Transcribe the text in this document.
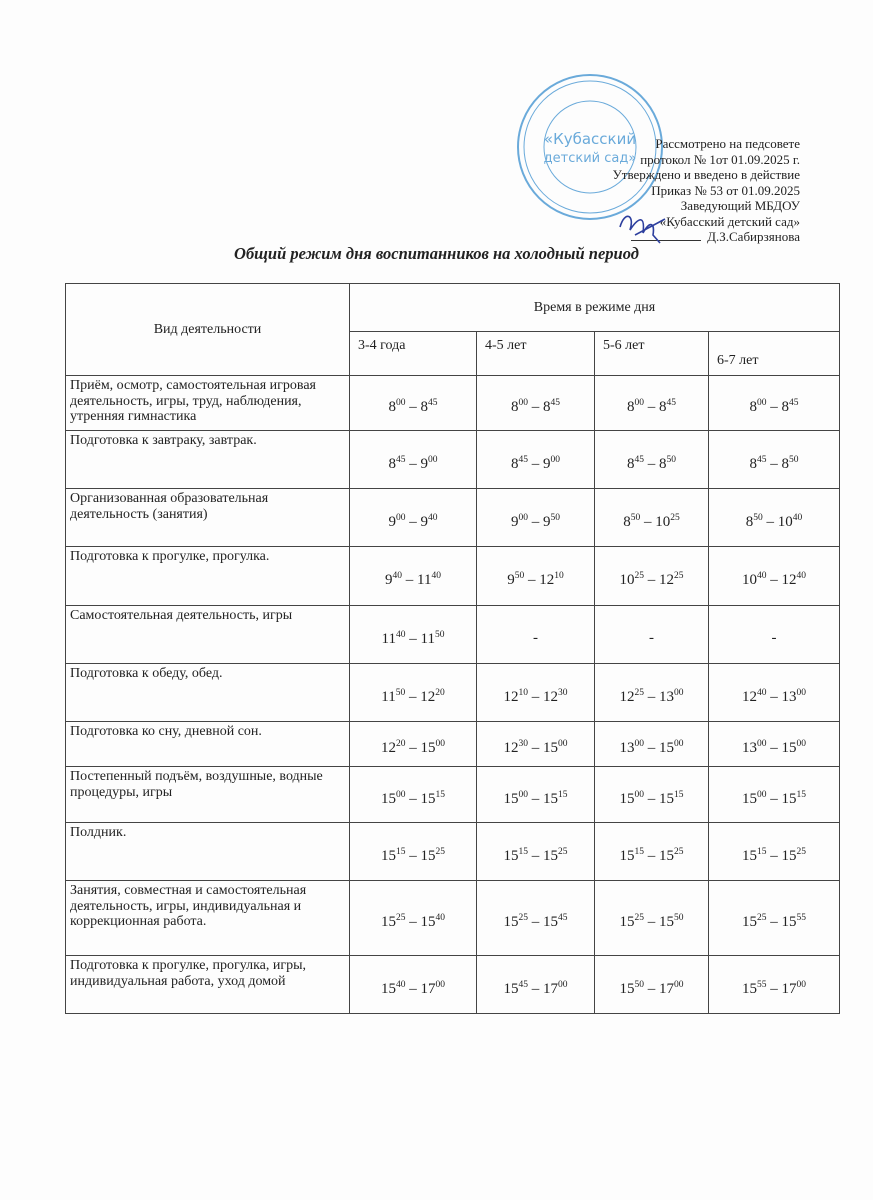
«Кубасский
детский сад»
Рассмотрено на педсовете
протокол № 1от 01.09.2025 г.
Утверждено и введено в действие
Приказ № 53 от 01.09.2025
Заведующий МБДОУ
«Кубасский детский сад»
Д.З.Сабирзянова
Общий режим дня воспитанников на холодный период
Вид деятельности	Время в режиме дня			
	3-4 года	4-5 лет	5-6 лет	6-7 лет
Приём, осмотр, самостоятельная игровая деятельность, игры, труд, наблюдения, утренняя гимнастика	$8^{00} - 8^{45}$	$8^{00} - 8^{45}$	$8^{00} - 8^{45}$	$8^{00} - 8^{45}$
Подготовка к завтраку, завтрак.	$8^{45} - 9^{00}$	$8^{45} - 9^{00}$	$8^{45} - 8^{50}$	$8^{45} - 8^{50}$
Организованная образовательная деятельность (занятия)	$9^{00} - 9^{40}$	$9^{00} - 9^{50}$	$8^{50} - 10^{25}$	$8^{50} - 10^{40}$
Подготовка к прогулке, прогулка.	$9^{40} - 11^{40}$	$9^{50} - 12^{10}$	$10^{25} - 12^{25}$	$10^{40} - 12^{40}$
Самостоятельная деятельность, игры	$11^{40} - 11^{50}$	-	-	-
Подготовка к обеду, обед.	$11^{50} - 12^{20}$	$12^{10} - 12^{30}$	$12^{25} - 13^{00}$	$12^{40} - 13^{00}$
Подготовка ко сну, дневной сон.	$12^{20} - 15^{00}$	$12^{30} - 15^{00}$	$13^{00} - 15^{00}$	$13^{00} - 15^{00}$
Постепенный подъём, воздушные, водные процедуры, игры	$15^{00} - 15^{15}$	$15^{00} - 15^{15}$	$15^{00} - 15^{15}$	$15^{00} - 15^{15}$
Полдник.	$15^{15} - 15^{25}$	$15^{15} - 15^{25}$	$15^{15} - 15^{25}$	$15^{15} - 15^{25}$
Занятия, совместная и самостоятельная деятельность, игры, индивидуальная и коррекционная работа.	$15^{25} - 15^{40}$	$15^{25} - 15^{45}$	$15^{25} - 15^{50}$	$15^{25} - 15^{55}$
Подготовка к прогулке, прогулка, игры, индивидуальная работа, уход домой	$15^{40} - 17^{00}$	$15^{45} - 17^{00}$	$15^{50} - 17^{00}$	$15^{55} - 17^{00}$
